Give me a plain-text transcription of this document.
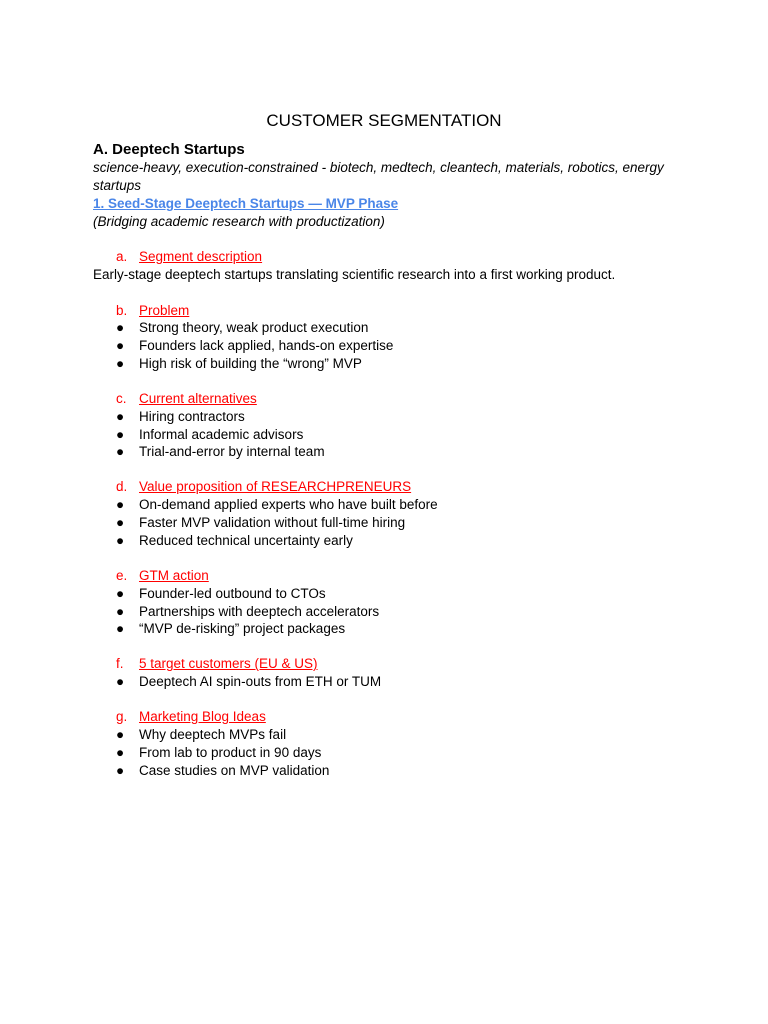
CUSTOMER SEGMENTATION
A. Deeptech Startups
science-heavy, execution-constrained - biotech, medtech, cleantech, materials, robotics, energy startups
1. Seed-Stage Deeptech Startups — MVP Phase
(Bridging academic research with productization)
a. Segment description
Early-stage deeptech startups translating scientific research into a first working product.
b. Problem
● Strong theory, weak product execution
● Founders lack applied, hands-on expertise
● High risk of building the “wrong” MVP
c. Current alternatives
● Hiring contractors
● Informal academic advisors
● Trial-and-error by internal team
d. Value proposition of RESEARCHPRENEURS
● On-demand applied experts who have built before
● Faster MVP validation without full-time hiring
● Reduced technical uncertainty early
e. GTM action
● Founder-led outbound to CTOs
● Partnerships with deeptech accelerators
● “MVP de-risking” project packages
f. 5 target customers (EU & US)
● Deeptech AI spin-outs from ETH or TUM
g. Marketing Blog Ideas
● Why deeptech MVPs fail
● From lab to product in 90 days
● Case studies on MVP validation
